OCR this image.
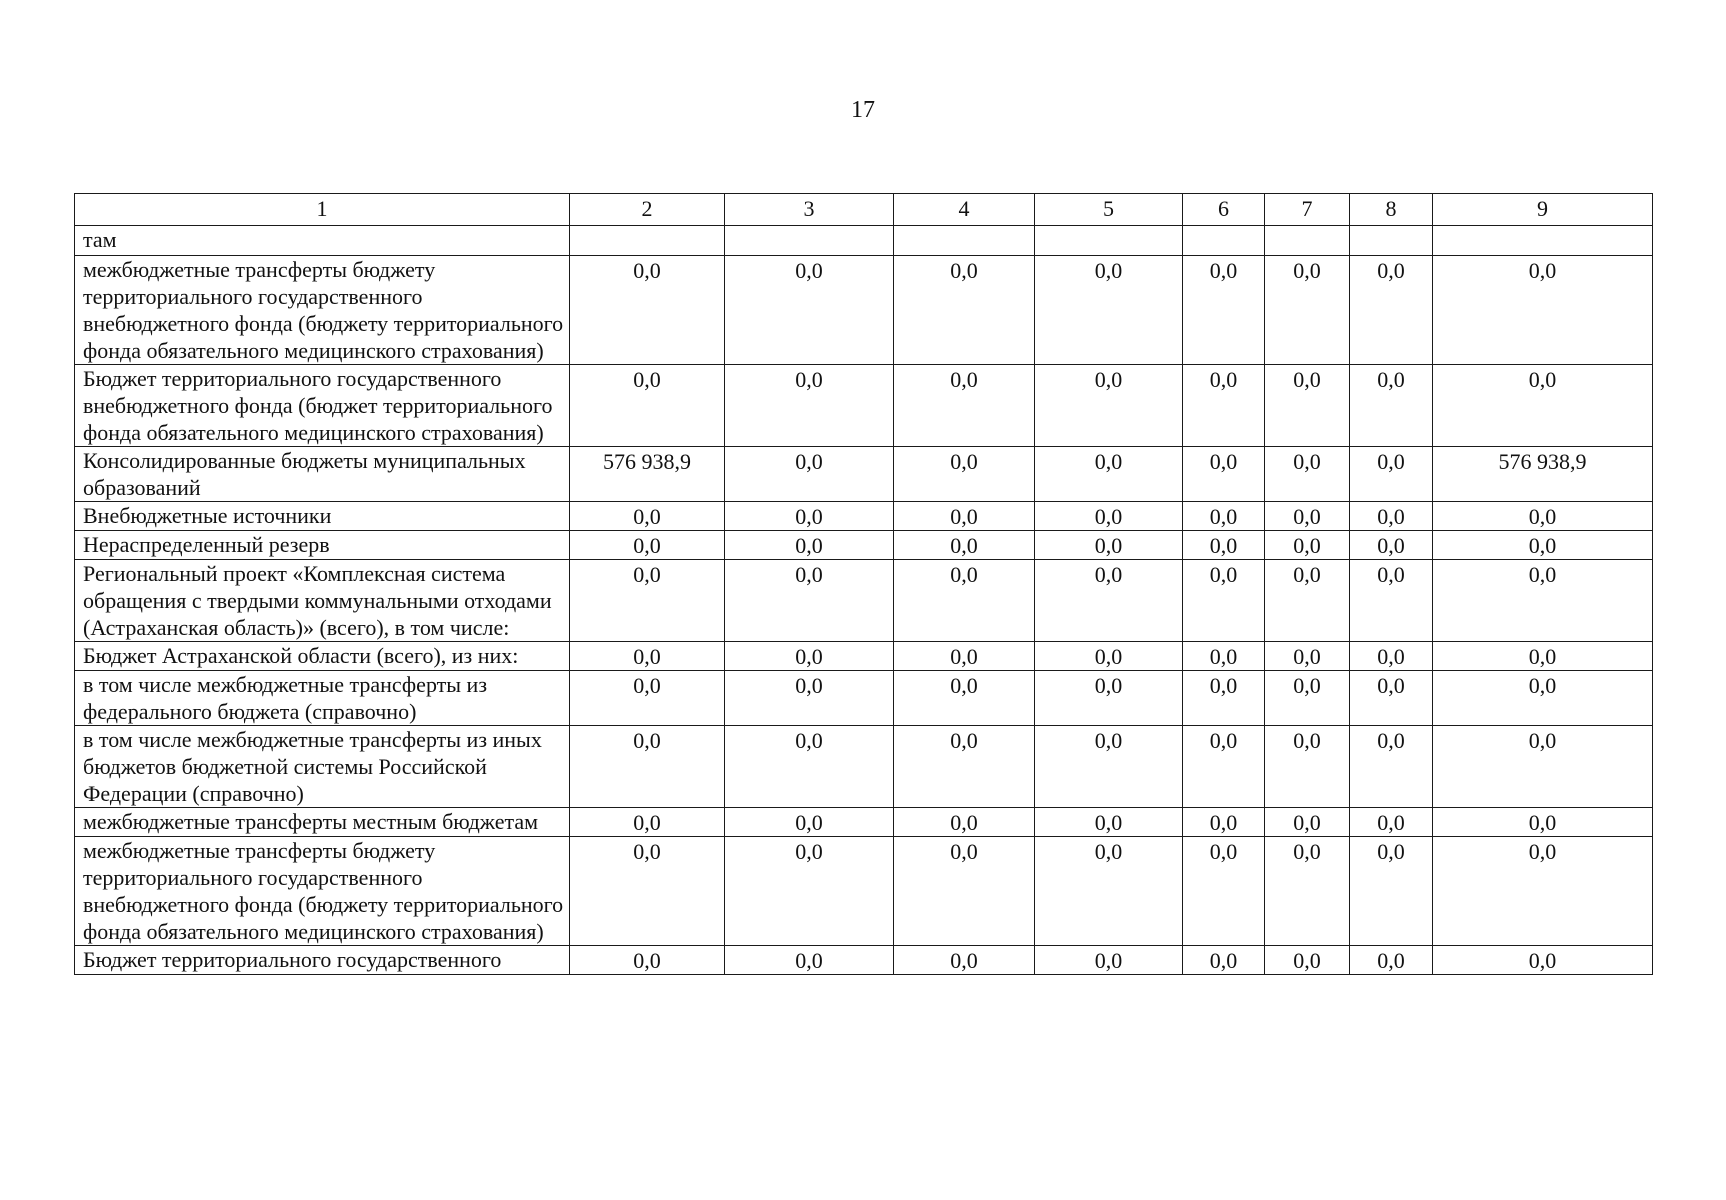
17
1	2	3	4	5	6	7	8	9
там								
межбюджетные трансферты бюджету территориального государственного внебюджетного фонда (бюджету территориального фонда обязательного медицинского страхования)	0,0	0,0	0,0	0,0	0,0	0,0	0,0	0,0
Бюджет территориального государственного внебюджетного фонда (бюджет территориального фонда обязательного медицинского страхования)	0,0	0,0	0,0	0,0	0,0	0,0	0,0	0,0
Консолидированные бюджеты муниципальных образований	576 938,9	0,0	0,0	0,0	0,0	0,0	0,0	576 938,9
Внебюджетные источники	0,0	0,0	0,0	0,0	0,0	0,0	0,0	0,0
Нераспределенный резерв	0,0	0,0	0,0	0,0	0,0	0,0	0,0	0,0
Региональный проект «Комплексная система обращения с твердыми коммунальными отходами (Астраханская область)» (всего), в том числе:	0,0	0,0	0,0	0,0	0,0	0,0	0,0	0,0
Бюджет Астраханской области (всего), из них:	0,0	0,0	0,0	0,0	0,0	0,0	0,0	0,0
в том числе межбюджетные трансферты из федерального бюджета (справочно)	0,0	0,0	0,0	0,0	0,0	0,0	0,0	0,0
в том числе межбюджетные трансферты из иных бюджетов бюджетной системы Российской Федерации (справочно)	0,0	0,0	0,0	0,0	0,0	0,0	0,0	0,0
межбюджетные трансферты местным бюджетам	0,0	0,0	0,0	0,0	0,0	0,0	0,0	0,0
межбюджетные трансферты бюджету территориального государственного внебюджетного фонда (бюджету территориального фонда обязательного медицинского страхования)	0,0	0,0	0,0	0,0	0,0	0,0	0,0	0,0
Бюджет территориального государственного	0,0	0,0	0,0	0,0	0,0	0,0	0,0	0,0
